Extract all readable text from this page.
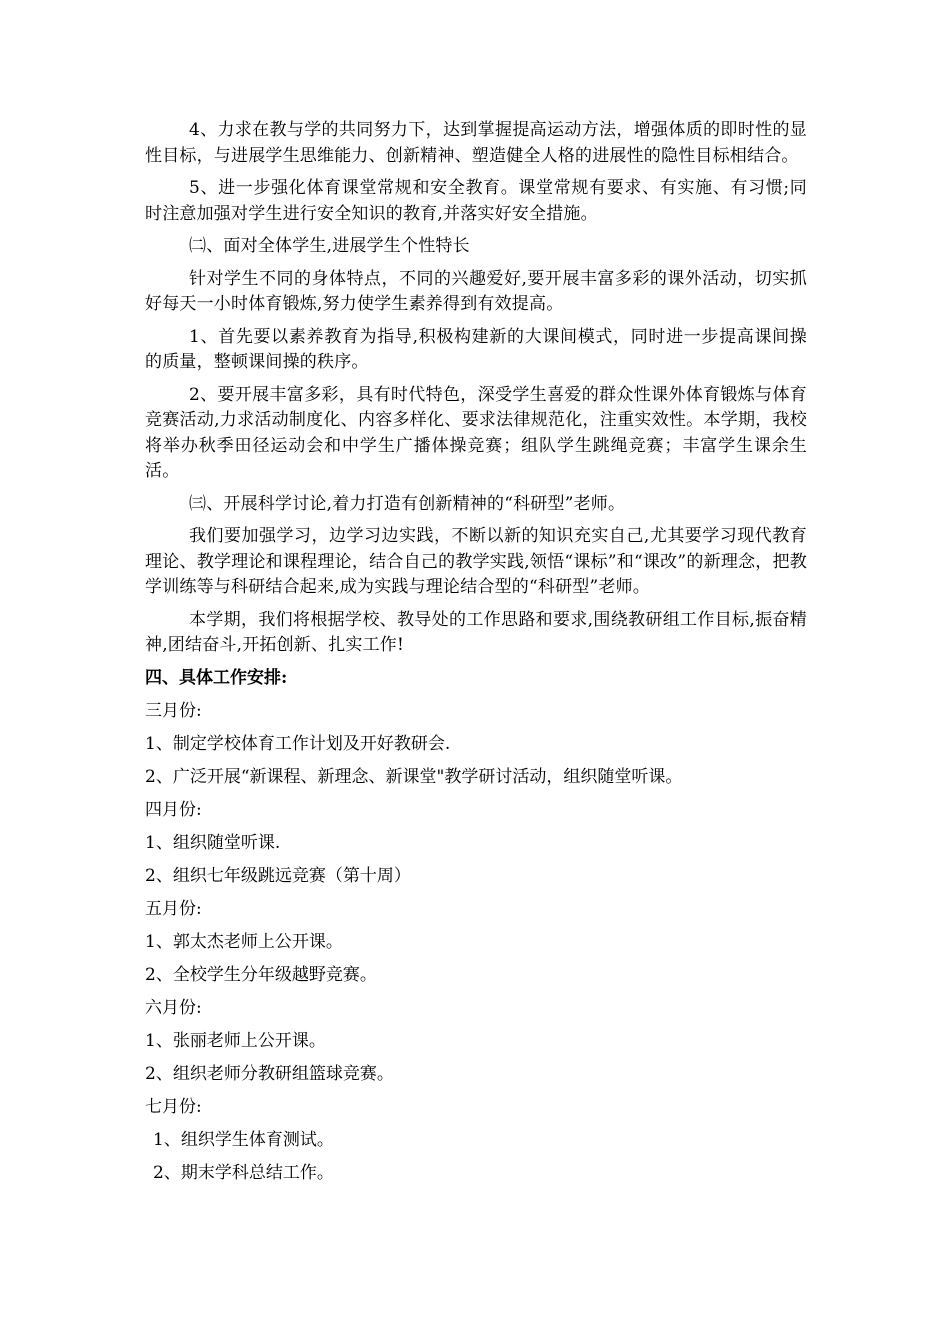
4、力求在教与学的共同努力下，达到掌握提高运动方法，增强体质的即时性的显性目标，与进展学生思维能力、创新精神、塑造健全人格的进展性的隐性目标相结合。

5、进一步强化体育课堂常规和安全教育。课堂常规有要求、有实施、有习惯;同时注意加强对学生进行安全知识的教育,并落实好安全措施。

㈡、面对全体学生,进展学生个性特长

针对学生不同的身体特点，不同的兴趣爱好,要开展丰富多彩的课外活动，切实抓好每天一小时体育锻炼,努力使学生素养得到有效提高。

1、首先要以素养教育为指导,积极构建新的大课间模式，同时进一步提高课间操的质量，整顿课间操的秩序。

2、要开展丰富多彩，具有时代特色，深受学生喜爱的群众性课外体育锻炼与体育竞赛活动,力求活动制度化、内容多样化、要求法律规范化，注重实效性。本学期，我校将举办秋季田径运动会和中学生广播体操竞赛；组队学生跳绳竞赛；丰富学生课余生活。

㈢、开展科学讨论,着力打造有创新精神的“科研型”老师。

我们要加强学习，边学习边实践，不断以新的知识充实自己,尤其要学习现代教育理论、教学理论和课程理论，结合自己的教学实践,领悟“课标”和“课改”的新理念，把教学训练等与科研结合起来,成为实践与理论结合型的“科研型”老师。

本学期，我们将根据学校、教导处的工作思路和要求,围绕教研组工作目标,振奋精神,团结奋斗,开拓创新、扎实工作!

四、具体工作安排:

三月份:

1、制定学校体育工作计划及开好教研会.

2、广泛开展“新课程、新理念、新课堂"教学研讨活动，组织随堂听课。

四月份:

1、组织随堂听课.

2、组织七年级跳远竞赛（第十周）

五月份:

1、郭太杰老师上公开课。

2、全校学生分年级越野竞赛。

六月份:

1、张丽老师上公开课。

2、组织老师分教研组篮球竞赛。

七月份:

1、组织学生体育测试。

2、期末学科总结工作。
